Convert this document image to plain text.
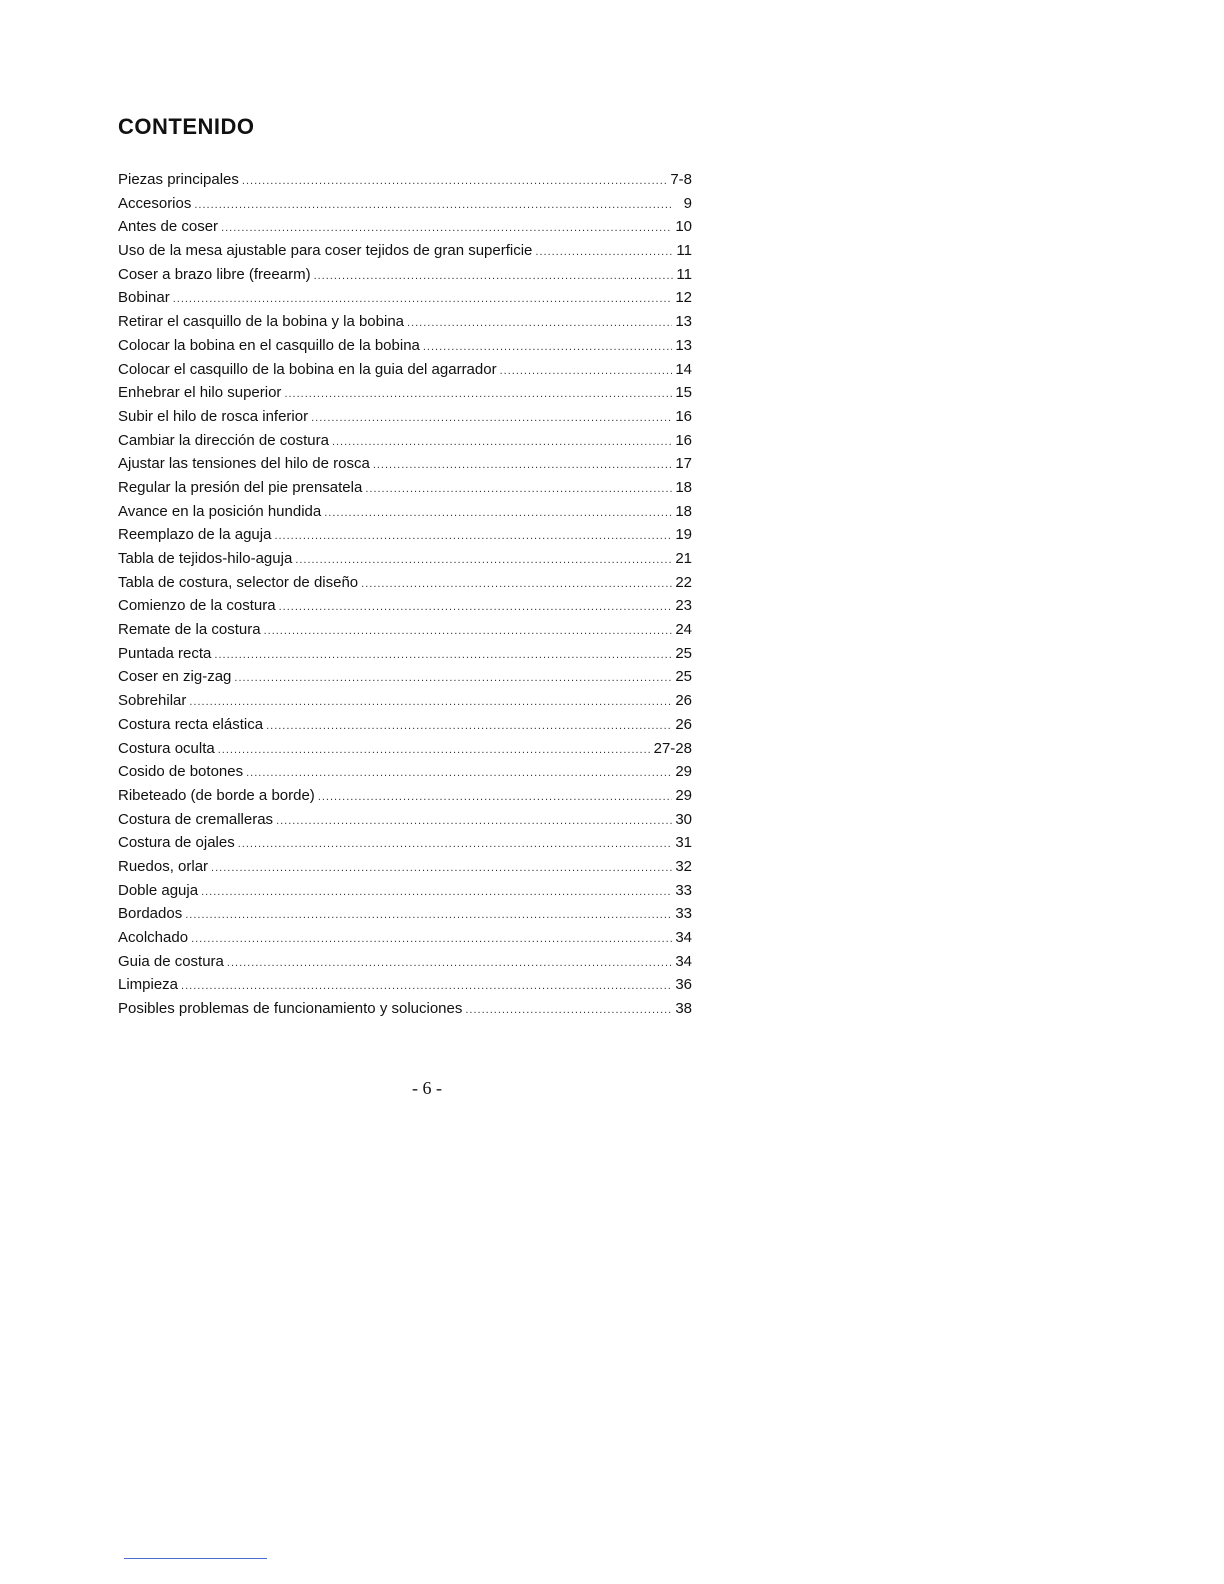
CONTENIDO
Piezas principales .....	7-8
Accesorios .....	9
Antes de coser .....	10
Uso de la mesa ajustable para coser tejidos de gran superficie .....	11
Coser a brazo libre (freearm) .....	11
Bobinar .....	12
Retirar el casquillo de la bobina y la bobina .....	13
Colocar la bobina en el casquillo de la bobina .....	13
Colocar el casquillo de la bobina en la guia del agarrador .....	14
Enhebrar el hilo superior .....	15
Subir el hilo de rosca inferior .....	16
Cambiar la dirección de costura .....	16
Ajustar las tensiones del hilo de rosca .....	17
Regular la presión del pie prensatela .....	18
Avance en la posición hundida .....	18
Reemplazo de la aguja .....	19
Tabla de tejidos-hilo-aguja .....	21
Tabla de costura, selector de diseño .....	22
Comienzo de la costura .....	23
Remate de la costura .....	24
Puntada recta .....	25
Coser en zig-zag .....	25
Sobrehilar .....	26
Costura recta elástica .....	26
Costura oculta .....	27-28
Cosido de botones .....	29
Ribeteado (de borde a borde) .....	29
Costura de cremalleras .....	30
Costura de ojales .....	31
Ruedos, orlar .....	32
Doble aguja .....	33
Bordados .....	33
Acolchado .....	34
Guia de costura .....	34
Limpieza .....	36
Posibles problemas de funcionamiento y soluciones .....	38
- 6 -
